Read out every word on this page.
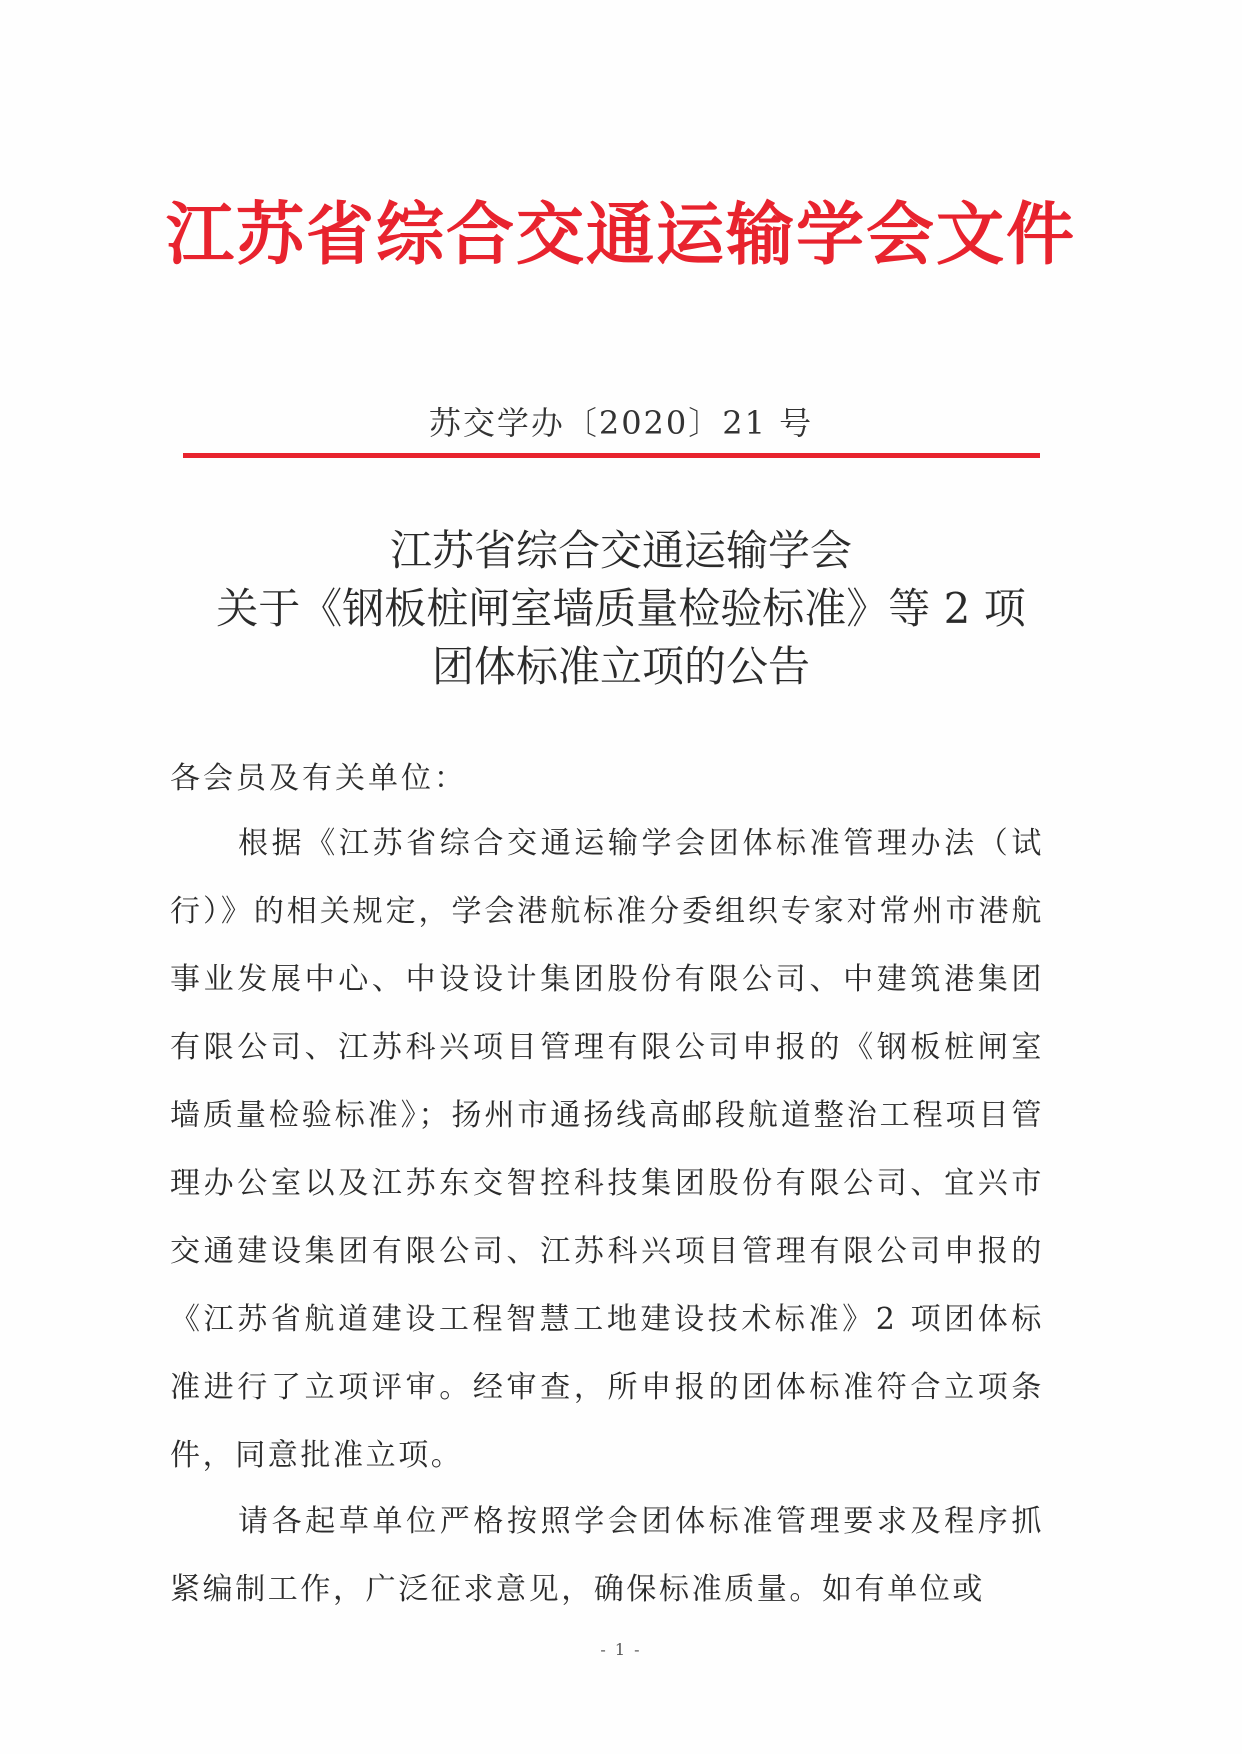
江苏省综合交通运输学会文件
苏交学办〔2020〕21 号
江苏省综合交通运输学会
关于《钢板桩闸室墙质量检验标准》等 2 项
团体标准立项的公告

各会员及有关单位：

根据《江苏省综合交通运输学会团体标准管理办法（试行）》的相关规定，学会港航标准分委组织专家对常州市港航事业发展中心、中设设计集团股份有限公司、中建筑港集团有限公司、江苏科兴项目管理有限公司申报的《钢板桩闸室墙质量检验标准》；扬州市通扬线高邮段航道整治工程项目管理办公室以及江苏东交智控科技集团股份有限公司、宜兴市交通建设集团有限公司、江苏科兴项目管理有限公司申报的《江苏省航道建设工程智慧工地建设技术标准》2 项团体标准进行了立项评审。经审查，所申报的团体标准符合立项条件，同意批准立项。

请各起草单位严格按照学会团体标准管理要求及程序抓紧编制工作，广泛征求意见，确保标准质量。如有单位或

- 1 -
